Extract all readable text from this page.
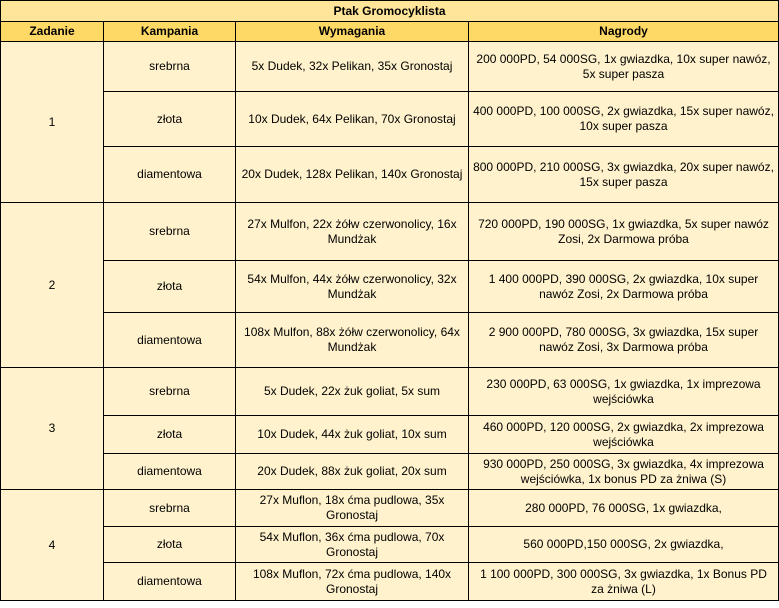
Ptak Gromocyklista			
Zadanie	Kampania	Wymagania	Nagrody
1	srebrna	5x Dudek, 32x Pelikan, 35x Gronostaj	200 000PD, 54 000SG, 1x gwiazdka, 10x super nawóz, 5x super pasza
	złota	10x Dudek, 64x Pelikan, 70x Gronostaj	400 000PD, 100 000SG, 2x gwiazdka, 15x super nawóz, 10x super pasza
	diamentowa	20x Dudek, 128x Pelikan, 140x Gronostaj	800 000PD, 210 000SG, 3x gwiazdka, 20x super nawóz, 15x super pasza
2	srebrna	27x Mulfon, 22x żółw czerwonolicy, 16x Mundżak	720 000PD, 190 000SG, 1x gwiazdka, 5x super nawóz Zosi, 2x Darmowa próba
	złota	54x Mulfon, 44x żółw czerwonolicy, 32x Mundżak	1 400 000PD, 390 000SG, 2x gwiazdka, 10x super nawóz Zosi, 2x Darmowa próba
	diamentowa	108x Mulfon, 88x żółw czerwonolicy, 64x Mundżak	2 900 000PD, 780 000SG, 3x gwiazdka, 15x super nawóz Zosi, 3x Darmowa próba
3	srebrna	5x Dudek, 22x żuk goliat, 5x sum	230 000PD, 63 000SG, 1x gwiazdka, 1x imprezowa wejściówka
	złota	10x Dudek, 44x żuk goliat, 10x sum	460 000PD, 120 000SG, 2x gwiazdka, 2x imprezowa wejściówka
	diamentowa	20x Dudek, 88x żuk goliat, 20x sum	930 000PD, 250 000SG, 3x gwiazdka, 4x imprezowa wejściówka, 1x bonus PD za żniwa (S)
4	srebrna	27x Muflon, 18x ćma pudlowa, 35x Gronostaj	280 000PD, 76 000SG, 1x gwiazdka,
	złota	54x Muflon, 36x ćma pudlowa, 70x Gronostaj	560 000PD,150 000SG, 2x gwiazdka,
	diamentowa	108x Muflon, 72x ćma pudlowa, 140x Gronostaj	1 100 000PD, 300 000SG, 3x gwiazdka, 1x Bonus PD za żniwa (L)
